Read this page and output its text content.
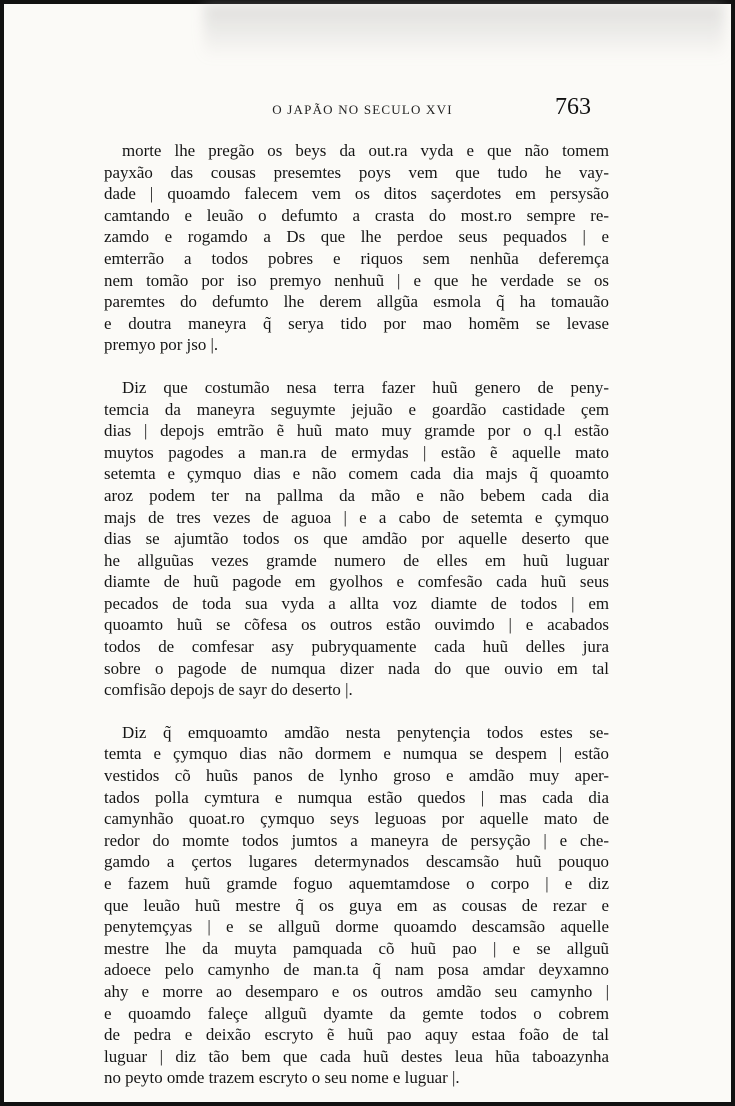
O JAPÃO NO SECULO XVI	763
morte lhe pregão os beys da out.ra vyda e que não tomem
payxão das cousas presemtes poys vem que tudo he vay-
dade | quoamdo falecem vem os ditos saçerdotes em persysão
camtando e leuão o defumto a crasta do most.ro sempre re-
zamdo e rogamdo a Ds que lhe perdoe seus pequados | e
emterrão a todos pobres e riquos sem nenhũa deferemça
nem tomão por iso premyo nenhuũ | e que he verdade se os
paremtes do defumto lhe derem allgũa esmola q̃ ha tomauão
e doutra maneyra q̃ serya tido por mao homẽm se levase
premyo por jso |.
Diz que costumão nesa terra fazer huũ genero de peny-
temcia da maneyra seguymte jejuão e goardão castidade çem
dias | depojs emtrão ẽ huũ mato muy gramde por o q.l estão
muytos pagodes a man.ra de ermydas | estão ẽ aquelle mato
setemta e çymquo dias e não comem cada dia majs q̃ quoamto
aroz podem ter na pallma da mão e não bebem cada dia
majs de tres vezes de aguoa | e a cabo de setemta e çymquo
dias se ajumtão todos os que amdão por aquelle deserto que
he allguũas vezes gramde numero de elles em huũ luguar
diamte de huũ pagode em gyolhos e comfesão cada huũ seus
pecados de toda sua vyda a allta voz diamte de todos | em
quoamto huũ se cõfesa os outros estão ouvimdo | e acabados
todos de comfesar asy pubryquamente cada huũ delles jura
sobre o pagode de numqua dizer nada do que ouvio em tal
comfisão depojs de sayr do deserto |.
Diz q̃ emquoamto amdão nesta penytençia todos estes se-
temta e çymquo dias não dormem e numqua se despem | estão
vestidos cõ huũs panos de lynho groso e amdão muy aper-
tados polla cymtura e numqua estão quedos | mas cada dia
camynhão quoat.ro çymquo seys leguoas por aquelle mato de
redor do momte todos jumtos a maneyra de persyção | e che-
gamdo a çertos lugares determynados descamsão huũ pouquo
e fazem huũ gramde foguo aquemtamdose o corpo | e diz
que leuão huũ mestre q̃ os guya em as cousas de rezar e
penytemçyas | e se allguũ dorme quoamdo descamsão aquelle
mestre lhe da muyta pamquada cõ huũ pao | e se allguũ
adoece pelo camynho de man.ta q̃ nam posa amdar deyxamno
ahy e morre ao desemparo e os outros amdão seu camynho |
e quoamdo faleçe allguũ dyamte da gemte todos o cobrem
de pedra e deixão escryto ẽ huũ pao aquy estaa foão de tal
luguar | diz tão bem que cada huũ destes leua hũa taboazynha
no peyto omde trazem escryto o seu nome e luguar |.
